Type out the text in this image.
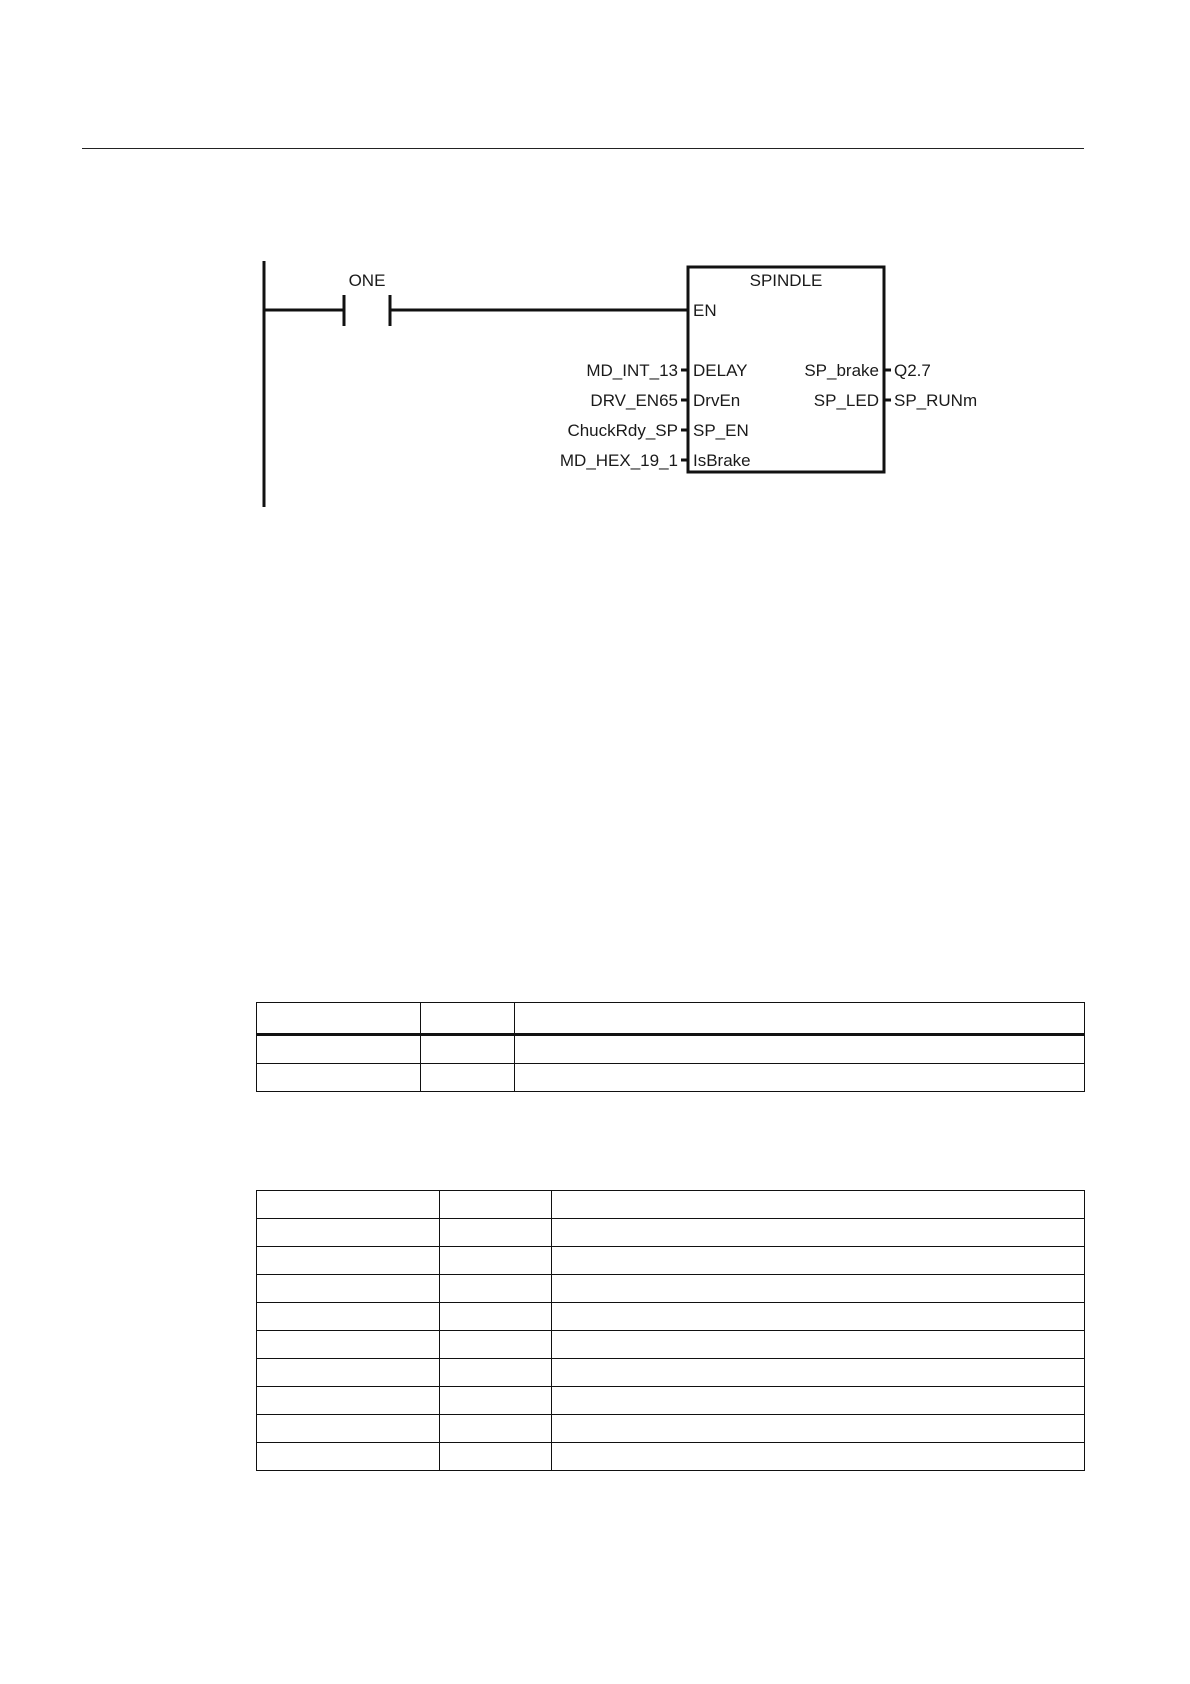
ONE	SPINDLE
EN
DELAY
MD_INT_13
DrvEn
DRV_EN65
SP_EN
ChuckRdy_SP
IsBrake
MD_HEX_19_1
SP_brake Q2.7
SP_LED SP_RUNm
